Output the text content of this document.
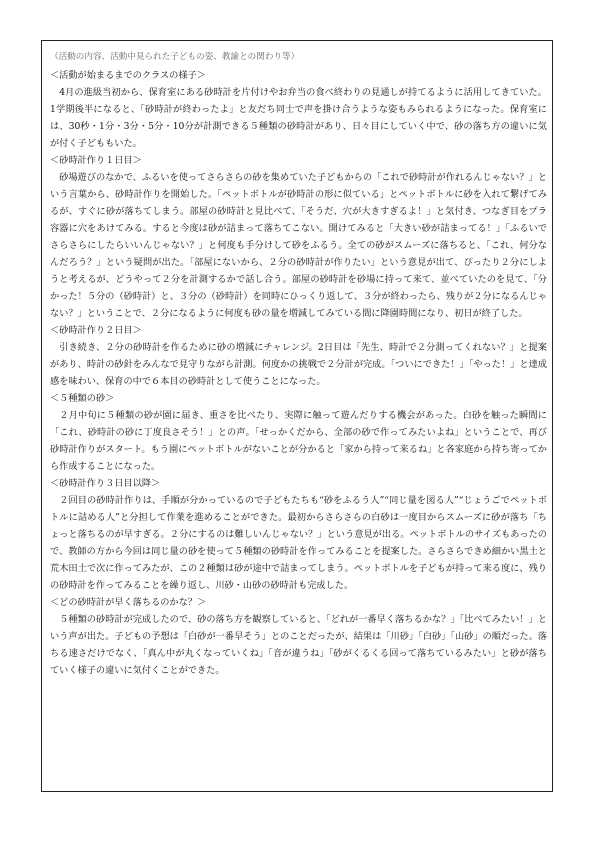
（活動の内容、活動中見られた子どもの姿、教諭との関わり等）

＜活動が始まるまでのクラスの様子＞

4月の進級当初から、保育室にある砂時計を片付けやお弁当の食べ終わりの見通しが持てるように活用してきていた。1学期後半になると、「砂時計が終わったよ」と友だち同士で声を掛け合うような姿もみられるようになった。保育室には、30秒・1分・3分・5分・10分が計測できる５種類の砂時計があり、日々目にしていく中で、砂の落ち方の違いに気が付く子どももいた。

＜砂時計作り１日目＞

砂場遊びのなかで、ふるいを使ってさらさらの砂を集めていた子どもからの「これで砂時計が作れるんじゃない？」という言葉から、砂時計作りを開始した。「ペットボトルが砂時計の形に似ている」とペットボトルに砂を入れて繋げてみるが、すぐに砂が落ちてしまう。部屋の砂時計と見比べて、「そうだ、穴が大きすぎるよ！」と気付き、つなぎ目をプラ容器に穴をあけてみる。すると今度は砂が詰まって落ちてこない。開けてみると「大きい砂が詰まってる！」「ふるいでさらさらにしたらいいんじゃない？」と何度も手分けして砂をふるう。全ての砂がスムーズに落ちると、「これ、何分なんだろう？」という疑問が出た。「部屋にないから、２分の砂時計が作りたい」という意見が出て、ぴったり２分にしようと考えるが、どうやって２分を計測するかで話し合う。部屋の砂時計を砂場に持って来て、並べていたのを見て、「分かった！５分の（砂時計）と、３分の（砂時計）を同時にひっくり返して、３分が終わったら、残りが２分になるんじゃない？」ということで、２分になるように何度も砂の量を増減してみている間に降園時間になり、初日が終了した。

＜砂時計作り２日目＞

引き続き、２分の砂時計を作るために砂の増減にチャレンジ。2日目は「先生、時計で２分測ってくれない？」と提案があり、時計の砂針をみんなで見守りながら計測。何度かの挑戦で２分計が完成。「ついにできた！」「やった！」と達成感を味わい、保育の中で６本目の砂時計として使うことになった。

＜５種類の砂＞

２月中旬に５種類の砂が園に届き、重さを比べたり、実際に触って遊んだりする機会があった。白砂を触った瞬間に「これ、砂時計の砂に丁度良さそう！」との声。「せっかくだから、全部の砂で作ってみたいよね」ということで、再び砂時計作りがスタート。もう園にペットボトルがないことが分かると「家から持って来るね」と各家庭から持ち寄ってから作成することになった。

＜砂時計作り３日目以降＞

２回目の砂時計作りは、手順が分かっているので子どもたちも“砂をふるう人”“同じ量を図る人”“じょうごでペットボトルに詰める人”と分担して作業を進めることができた。最初からさらさらの白砂は一度目からスムーズに砂が落ち「ちょっと落ちるのが早すぎる。２分にするのは難しいんじゃない？」という意見が出る。ペットボトルのサイズもあったので、教師の方から今回は同じ量の砂を使って５種類の砂時計を作ってみることを提案した。さらさらできめ細かい黒土と荒木田土で次に作ってみたが、この２種類は砂が途中で詰まってしまう。ペットボトルを子どもが持って来る度に、残りの砂時計を作ってみることを繰り返し、川砂・山砂の砂時計も完成した。

＜どの砂時計が早く落ちるのかな？＞

５種類の砂時計が完成したので、砂の落ち方を観察していると、「どれが一番早く落ちるかな？」「比べてみたい！」という声が出た。子どもの予想は「白砂が一番早そう」とのことだったが、結果は「川砂」「白砂」「山砂」の順だった。落ちる速さだけでなく、「真ん中が丸くなっていくね」「音が違うね」「砂がくるくる回って落ちているみたい」と砂が落ちていく様子の違いに気付くことができた。
